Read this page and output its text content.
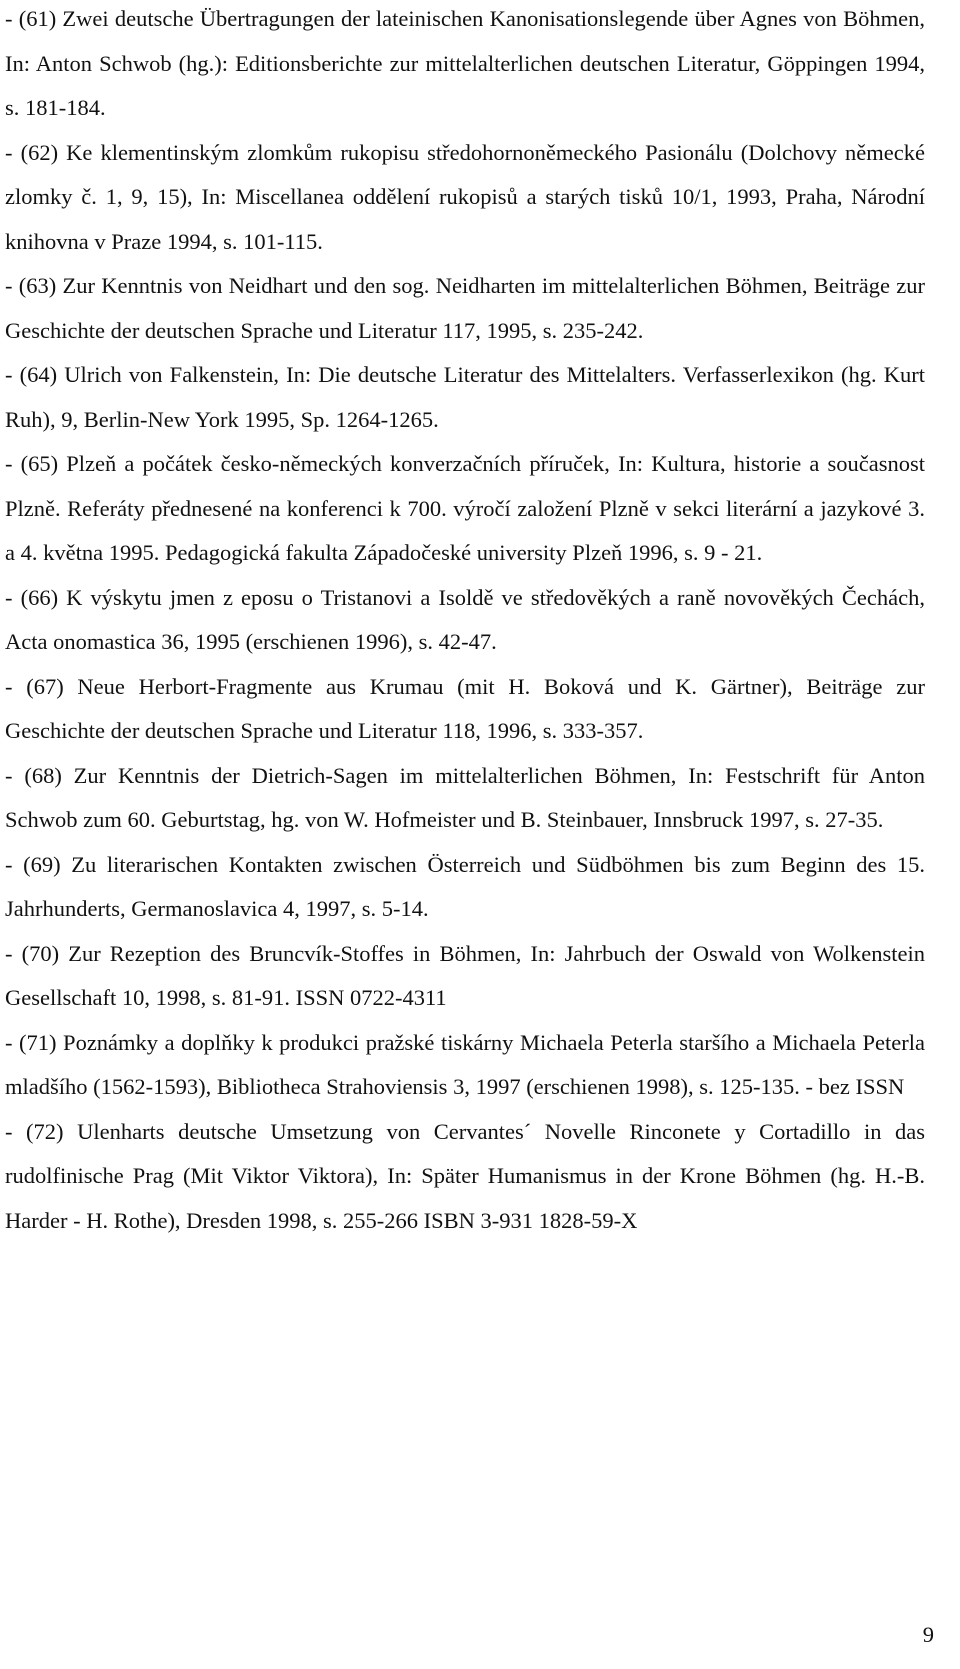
- (61) Zwei deutsche Übertragungen der lateinischen Kanonisationslegende über Agnes von Böhmen, In: Anton Schwob (hg.): Editionsberichte zur mittelalterlichen deutschen Literatur, Göppingen 1994, s. 181-184.

- (62) Ke klementinským zlomkům rukopisu středohornoněmeckého Pasionálu (Dolchovy německé zlomky č. 1, 9, 15), In: Miscellanea oddělení rukopisů a starých tisků 10/1, 1993, Praha, Národní knihovna v Praze 1994, s. 101-115.

- (63) Zur Kenntnis von Neidhart und den sog. Neidharten im mittelalterlichen Böhmen, Beiträge zur Geschichte der deutschen Sprache und Literatur 117, 1995, s. 235-242.

- (64) Ulrich von Falkenstein, In: Die deutsche Literatur des Mittelalters. Verfasserlexikon (hg. Kurt Ruh), 9, Berlin-New York 1995, Sp. 1264-1265.

- (65) Plzeň a počátek česko-německých konverzačních příruček, In: Kultura, historie a současnost Plzně. Referáty přednesené na konferenci k 700. výročí založení Plzně v sekci literární a jazykové 3. a 4. května 1995. Pedagogická fakulta Západočeské university Plzeň 1996, s. 9 - 21.

- (66) K výskytu jmen z eposu o Tristanovi a Isoldě ve středověkých a raně novověkých Čechách, Acta onomastica 36, 1995 (erschienen 1996), s. 42-47.

- (67) Neue Herbort-Fragmente aus Krumau (mit H. Boková und K. Gärtner), Beiträge zur Geschichte der deutschen Sprache und Literatur 118, 1996, s. 333-357.

- (68) Zur Kenntnis der Dietrich-Sagen im mittelalterlichen Böhmen, In: Festschrift für Anton Schwob zum 60. Geburtstag, hg. von W. Hofmeister und B. Steinbauer, Innsbruck 1997, s. 27-35.

- (69) Zu literarischen Kontakten zwischen Österreich und Südböhmen bis zum Beginn des 15. Jahrhunderts, Germanoslavica 4, 1997, s. 5-14.

- (70) Zur Rezeption des Bruncvík-Stoffes in Böhmen, In: Jahrbuch der Oswald von Wolkenstein Gesellschaft 10, 1998, s. 81-91. ISSN 0722-4311

- (71) Poznámky a doplňky k produkci pražské tiskárny Michaela Peterla staršího a Michaela Peterla mladšího (1562-1593), Bibliotheca Strahoviensis 3, 1997 (erschienen 1998), s. 125-135. - bez ISSN

- (72) Ulenharts deutsche Umsetzung von Cervantes´ Novelle Rinconete y Cortadillo in das rudolfinische Prag (Mit Viktor Viktora), In: Später Humanismus in der Krone Böhmen (hg. H.-B. Harder - H. Rothe), Dresden 1998, s. 255-266 ISBN 3-931 1828-59-X

9
